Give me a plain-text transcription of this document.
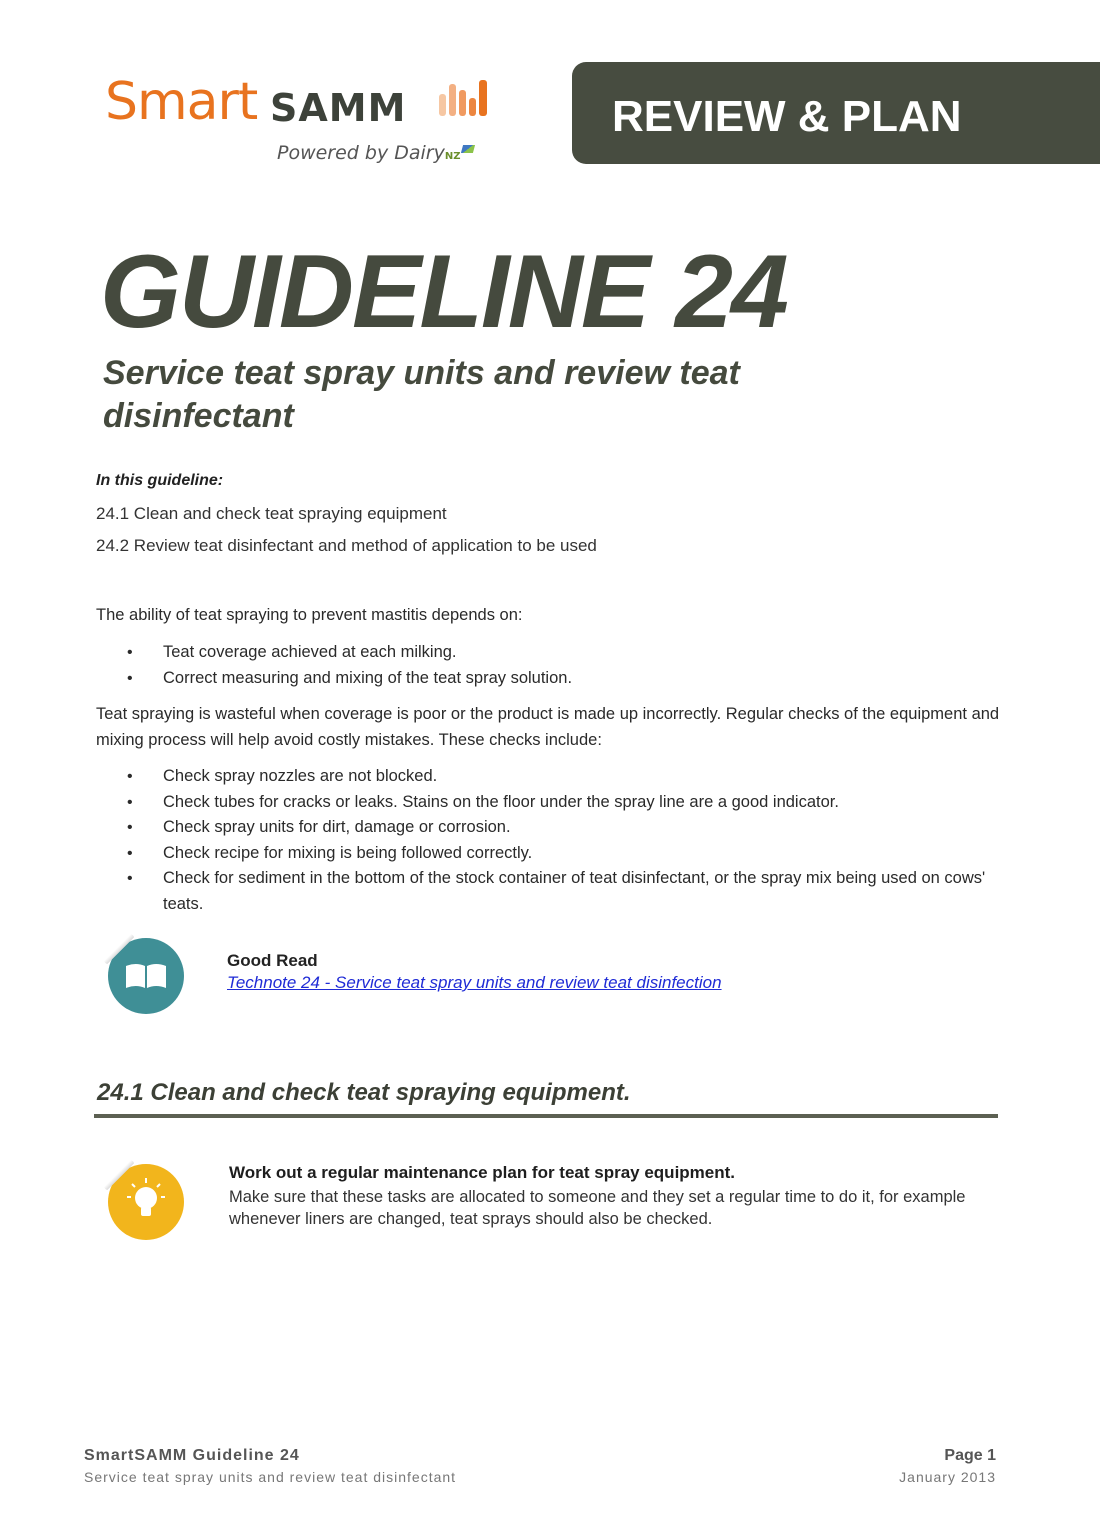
Smart SAMM
Powered by DairyNZ
REVIEW & PLAN
GUIDELINE 24
Service teat spray units and review teat disinfectant
In this guideline:
24.1 Clean and check teat spraying equipment
24.2 Review teat disinfectant and method of application to be used
The ability of teat spraying to prevent mastitis depends on:
• Teat coverage achieved at each milking.
• Correct measuring and mixing of the teat spray solution.
Teat spraying is wasteful when coverage is poor or the product is made up incorrectly. Regular checks of the equipment and mixing process will help avoid costly mistakes. These checks include:
• Check spray nozzles are not blocked.
• Check tubes for cracks or leaks. Stains on the floor under the spray line are a good indicator.
• Check spray units for dirt, damage or corrosion.
• Check recipe for mixing is being followed correctly.
• Check for sediment in the bottom of the stock container of teat disinfectant, or the spray mix being used on cows' teats.
Good Read
Technote 24 - Service teat spray units and review teat disinfection
24.1 Clean and check teat spraying equipment.
Work out a regular maintenance plan for teat spray equipment.
Make sure that these tasks are allocated to someone and they set a regular time to do it, for example whenever liners are changed, teat sprays should also be checked.
SmartSAMM Guideline 24
Service teat spray units and review teat disinfectant
Page 1
January 2013
